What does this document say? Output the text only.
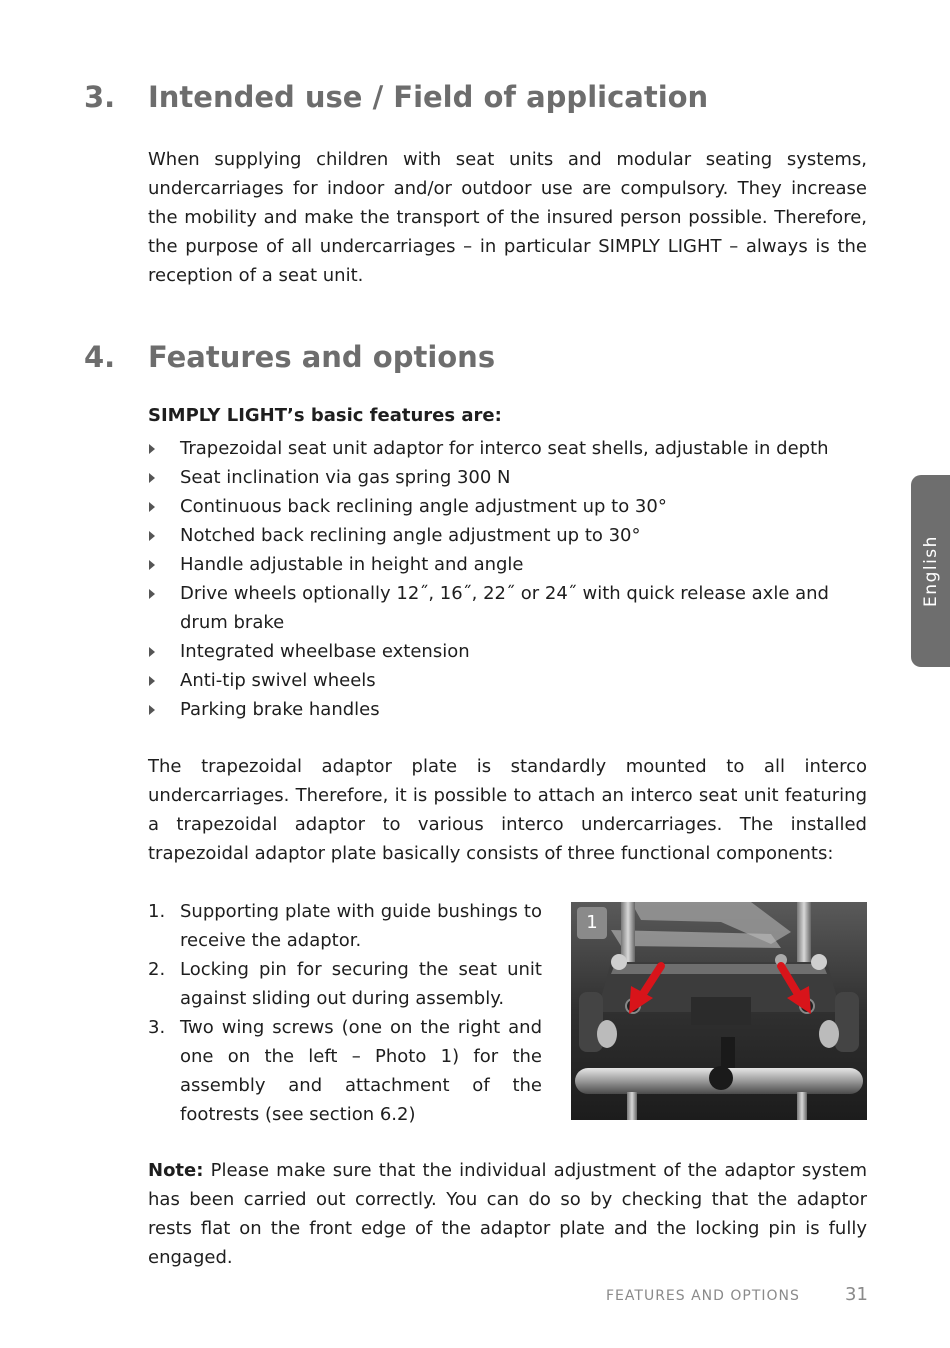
3. Intended use / Field of application

When supplying children with seat units and modular seating systems, undercarriages for indoor and/or outdoor use are compulsory. They increase the mobility and make the transport of the insured person possible. Therefore, the purpose of all undercarriages – in particular SIMPLY LIGHT – always is the reception of a seat unit.

4. Features and options

SIMPLY LIGHT’s basic features are:

Trapezoidal seat unit adaptor for interco seat shells, adjustable in depth
Seat inclination via gas spring 300 N
Continuous back reclining angle adjustment up to 30°
Notched back reclining angle adjustment up to 30°
Handle adjustable in height and angle
Drive wheels optionally 12˝, 16˝, 22˝ or 24˝ with quick release axle and drum brake
Integrated wheelbase extension
Anti-tip swivel wheels
Parking brake handles

The trapezoidal adaptor plate is standardly mounted to all interco undercarriages. Therefore, it is possible to attach an interco seat unit featuring a trapezoidal adaptor to various interco undercarriages. The installed trapezoidal adaptor plate basically consists of three functional components:

1. Supporting plate with guide bushings to receive the adaptor.
2. Locking pin for securing the seat unit against sliding out during assembly.
3. Two wing screws (one on the right and one on the left – Photo 1) for the assembly and attachment of the footrests (see section 6.2)
1

Note: Please make sure that the individual adjustment of the adaptor system has been carried out correctly. You can do so by checking that the adaptor rests flat on the front edge of the adaptor plate and the locking pin is fully engaged.

English
FEATURES AND OPTIONS	31
